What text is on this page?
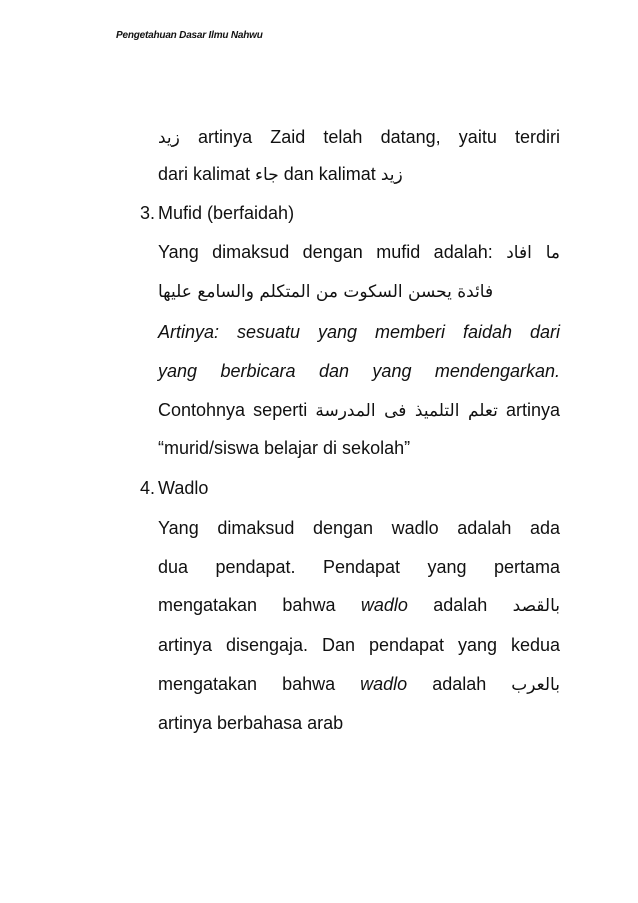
Pengetahuan Dasar Ilmu Nahwu
زيد artinya Zaid telah datang, yaitu terdiri
dari kalimat جاء dan kalimat زيد
3. Mufid (berfaidah)
Yang dimaksud dengan mufid adalah: ما افاد
فائدة يحسن السكوت من المتكلم والسامع عليها
Artinya: sesuatu yang memberi faidah dari
yang berbicara dan yang mendengarkan.
Contohnya seperti تعلم التلميذ فى المدرسة artinya
“murid/siswa belajar di sekolah”
4. Wadlo
Yang dimaksud dengan wadlo adalah ada
dua pendapat. Pendapat yang pertama
mengatakan bahwa wadlo adalah بالقصد
artinya disengaja. Dan pendapat yang kedua
mengatakan bahwa wadlo adalah بالعرب
artinya berbahasa arab
